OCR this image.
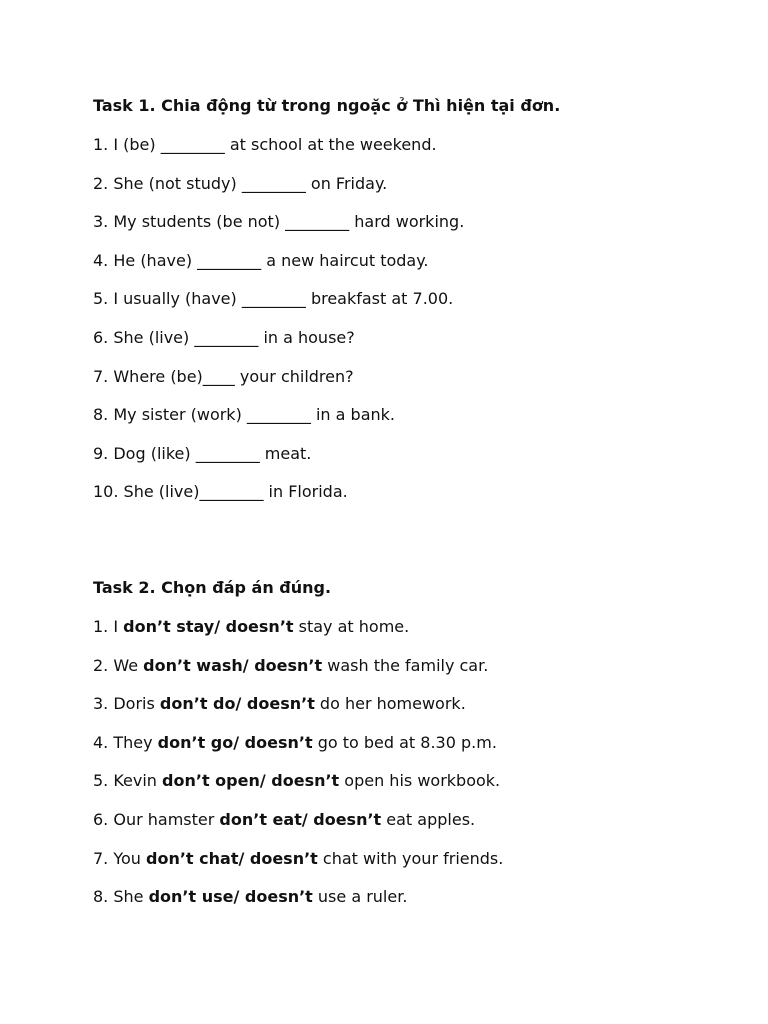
Task 1. Chia động từ trong ngoặc ở Thì hiện tại đơn.
1. I (be) ________ at school at the weekend.
2. She (not study) ________ on Friday.
3. My students (be not) ________ hard working.
4. He (have) ________ a new haircut today.
5. I usually (have) ________ breakfast at 7.00.
6. She (live) ________ in a house?
7. Where (be)____ your children?
8. My sister (work) ________ in a bank.
9. Dog (like) ________ meat.
10. She (live)________ in Florida.
Task 2. Chọn đáp án đúng.
1. I don’t stay/ doesn’t stay at home.
2. We don’t wash/ doesn’t wash the family car.
3. Doris don’t do/ doesn’t do her homework.
4. They don’t go/ doesn’t go to bed at 8.30 p.m.
5. Kevin don’t open/ doesn’t open his workbook.
6. Our hamster don’t eat/ doesn’t eat apples.
7. You don’t chat/ doesn’t chat with your friends.
8. She don’t use/ doesn’t use a ruler.
